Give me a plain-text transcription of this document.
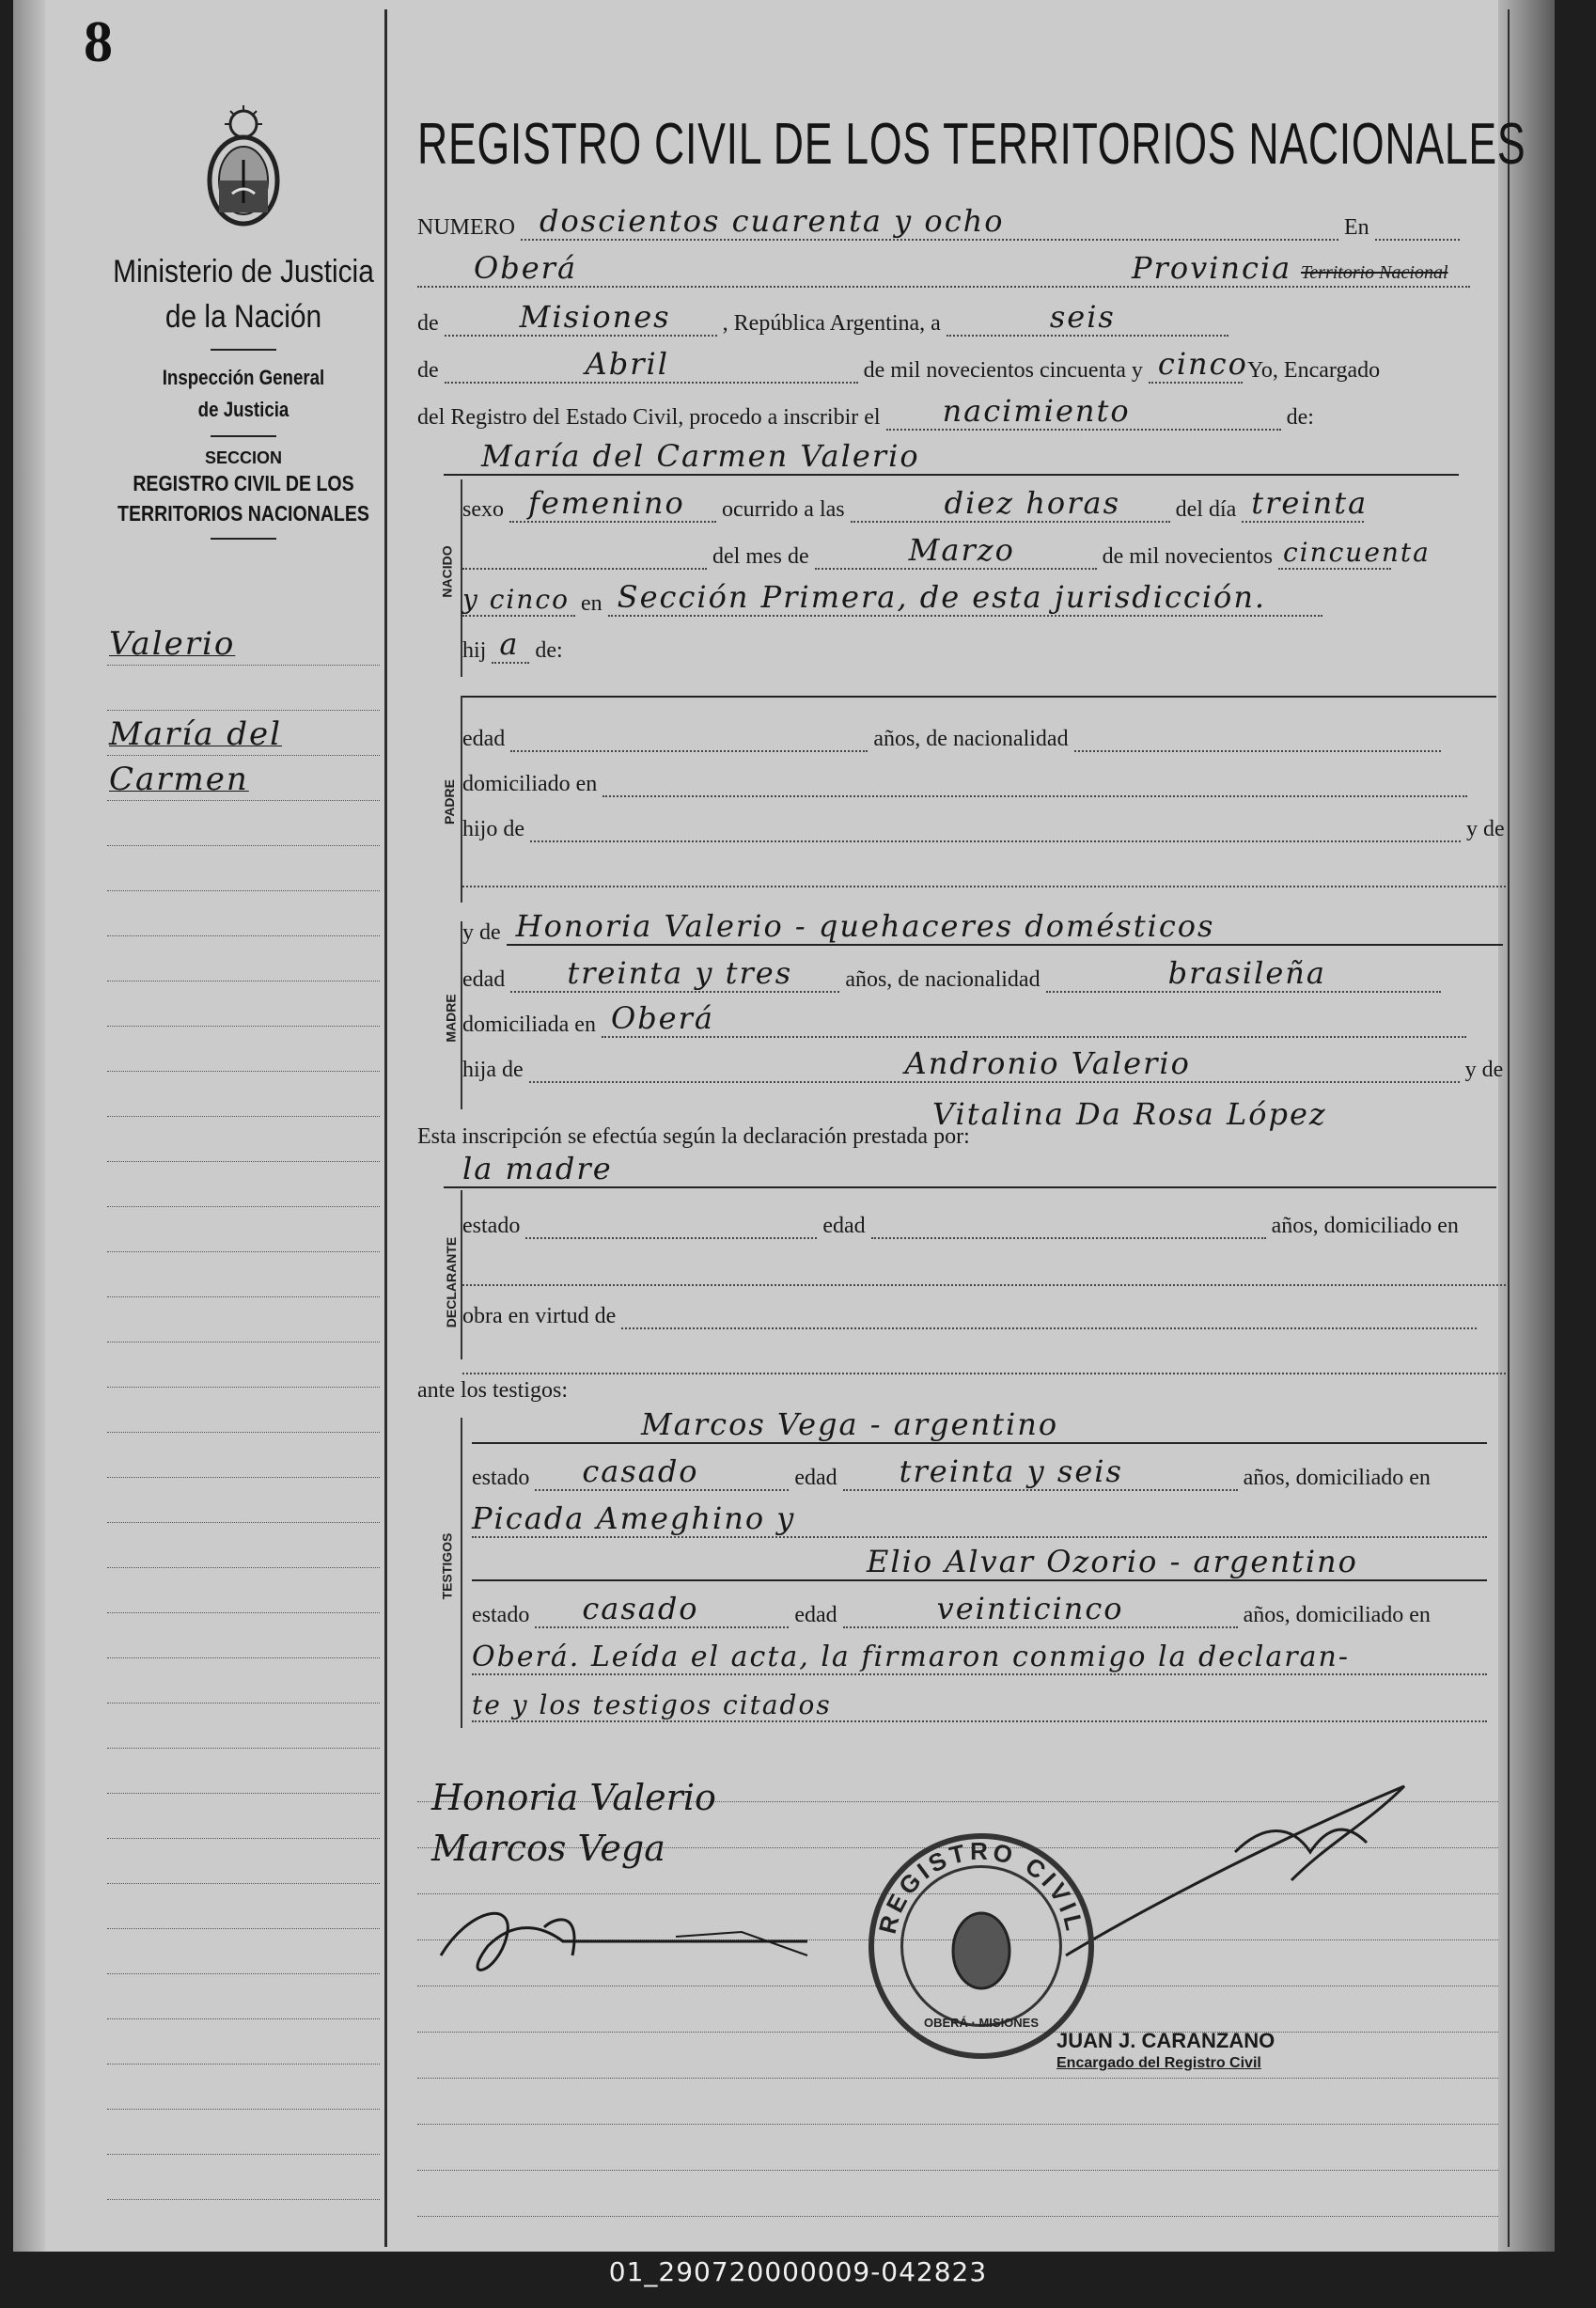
8
Ministerio de Justicia
de la Nación
Inspección General
de Justicia
SECCION
REGISTRO CIVIL DE LOS
TERRITORIOS NACIONALES
Valerio
María del
Carmen
REGISTRO CIVIL DE LOS TERRITORIOS NACIONALES
NUMERO doscientos cuarenta y ocho	En
Oberá	Provincia Territorio Nacional
de	Misiones , República Argentina, a	seis
de	Abril	de mil novecientos cincuenta y cinco Yo, Encargado
del Registro del Estado Civil, procedo a inscribir el nacimiento	de:
María del Carmen Valerio
NACIDO
sexo femenino ocurrido a las	diez horas del día treinta
del mes de	Marzo	de mil novecientos cincuenta
y cinco en Sección Primera, de esta jurisdicción.
hij a de:
PADRE
edad	años, de nacionalidad
domiciliado en
hijo de	y de
MADRE
y de Honoria Valerio - quehaceres domésticos
edad treinta y tres años, de nacionalidad	brasileña
domiciliada en Oberá
hija de	Andronio Valerio	y de
Vitalina Da Rosa López
Esta inscripción se efectúa según la declaración prestada por:
la madre
DECLARANTE
estado	edad	años, domiciliado en
obra en virtud de
ante los testigos:
TESTIGOS
Marcos Vega - argentino
estado casado	edad treinta y seis	años, domiciliado en
Picada Ameghino y
Elio Alvar Ozorio - argentino
estado casado	edad	veinticinco	años, domiciliado en
Oberá. Leída el acta, la firmaron conmigo la declaran-
te y los testigos citados
Honoria Valerio
Marcos Vega
REGISTRO CIVIL
OBERÁ · MISIONES
JUAN J. CARANZANO
Encargado del Registro Civil
01_290720000009-042823
